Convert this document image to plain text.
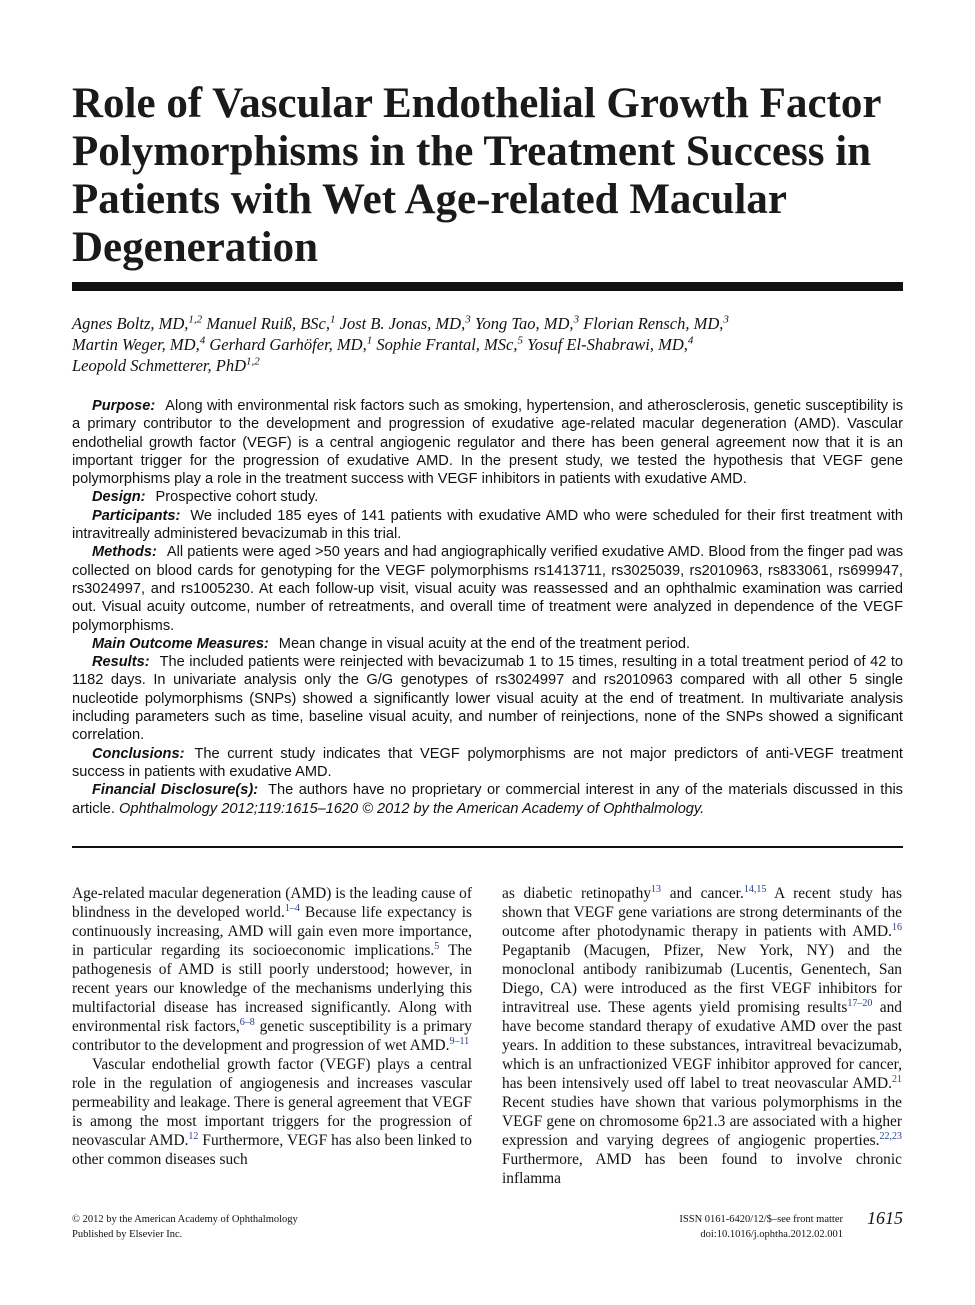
Role of Vascular Endothelial Growth Factor Polymorphisms in the Treatment Success in Patients with Wet Age-related Macular Degeneration

Agnes Boltz, MD,$^{1,2}$ Manuel Ruiß, BSc,$^1$ Jost B. Jonas, MD,$^3$ Yong Tao, MD,$^3$ Florian Rensch, MD,$^3$
Martin Weger, MD,$^4$ Gerhard Garhöfer, MD,$^1$ Sophie Frantal, MSc,$^5$ Yosuf El-Shabrawi, MD,$^4$
Leopold Schmetterer, PhD$^{1,2}$

Purpose: Along with environmental risk factors such as smoking, hypertension, and atherosclerosis, genetic susceptibility is a primary contributor to the development and progression of exudative age-related macular degeneration (AMD). Vascular endothelial growth factor (VEGF) is a central angiogenic regulator and there has been general agreement now that it is an important trigger for the progression of exudative AMD. In the present study, we tested the hypothesis that VEGF gene polymorphisms play a role in the treatment success with VEGF inhibitors in patients with exudative AMD.

Design: Prospective cohort study.

Participants: We included 185 eyes of 141 patients with exudative AMD who were scheduled for their first treatment with intravitreally administered bevacizumab in this trial.

Methods: All patients were aged >50 years and had angiographically verified exudative AMD. Blood from the finger pad was collected on blood cards for genotyping for the VEGF polymorphisms rs1413711, rs3025039, rs2010963, rs833061, rs699947, rs3024997, and rs1005230. At each follow-up visit, visual acuity was reassessed and an ophthalmic examination was carried out. Visual acuity outcome, number of retreatments, and overall time of treatment were analyzed in dependence of the VEGF polymorphisms.

Main Outcome Measures: Mean change in visual acuity at the end of the treatment period.

Results: The included patients were reinjected with bevacizumab 1 to 15 times, resulting in a total treatment period of 42 to 1182 days. In univariate analysis only the G/G genotypes of rs3024997 and rs2010963 compared with all other 5 single nucleotide polymorphisms (SNPs) showed a significantly lower visual acuity at the end of treatment. In multivariate analysis including parameters such as time, baseline visual acuity, and number of reinjections, none of the SNPs showed a significant correlation.

Conclusions: The current study indicates that VEGF polymorphisms are not major predictors of anti-VEGF treatment success in patients with exudative AMD.

Financial Disclosure(s): The authors have no proprietary or commercial interest in any of the materials discussed in this article. Ophthalmology 2012;119:1615–1620 © 2012 by the American Academy of Ophthalmology.

Age-related macular degeneration (AMD) is the leading cause of blindness in the developed world.$^{1-4}$ Because life expectancy is continuously increasing, AMD will gain even more importance, in particular regarding its socioeconomic implications.$^5$ The pathogenesis of AMD is still poorly understood; however, in recent years our knowledge of the mechanisms underlying this multifactorial disease has increased significantly. Along with environmental risk factors,$^{6-8}$ genetic susceptibility is a primary contributor to the development and progression of wet AMD.$^{9-11}$

Vascular endothelial growth factor (VEGF) plays a central role in the regulation of angiogenesis and increases vascular permeability and leakage. There is general agreement that VEGF is among the most important triggers for the progression of neovascular AMD.$^{12}$ Furthermore, VEGF has also been linked to other common diseases such

as diabetic retinopathy$^{13}$ and cancer.$^{14,15}$ A recent study has shown that VEGF gene variations are strong determinants of the outcome after photodynamic therapy in patients with AMD.$^{16}$ Pegaptanib (Macugen, Pfizer, New York, NY) and the monoclonal antibody ranibizumab (Lucentis, Genentech, San Diego, CA) were introduced as the first VEGF inhibitors for intravitreal use. These agents yield promising results$^{17-20}$ and have become standard therapy of exudative AMD over the past years. In addition to these substances, intravitreal bevacizumab, which is an unfractionized VEGF inhibitor approved for cancer, has been intensively used off label to treat neovascular AMD.$^{21}$ Recent studies have shown that various polymorphisms in the VEGF gene on chromosome 6p21.3 are associated with a higher expression and varying degrees of angiogenic properties.$^{22,23}$ Furthermore, AMD has been found to involve chronic inflamma

© 2012 by the American Academy of Ophthalmology
Published by Elsevier Inc.
ISSN 0161-6420/12/$–see front matter
doi:10.1016/j.ophtha.2012.02.001
1615
